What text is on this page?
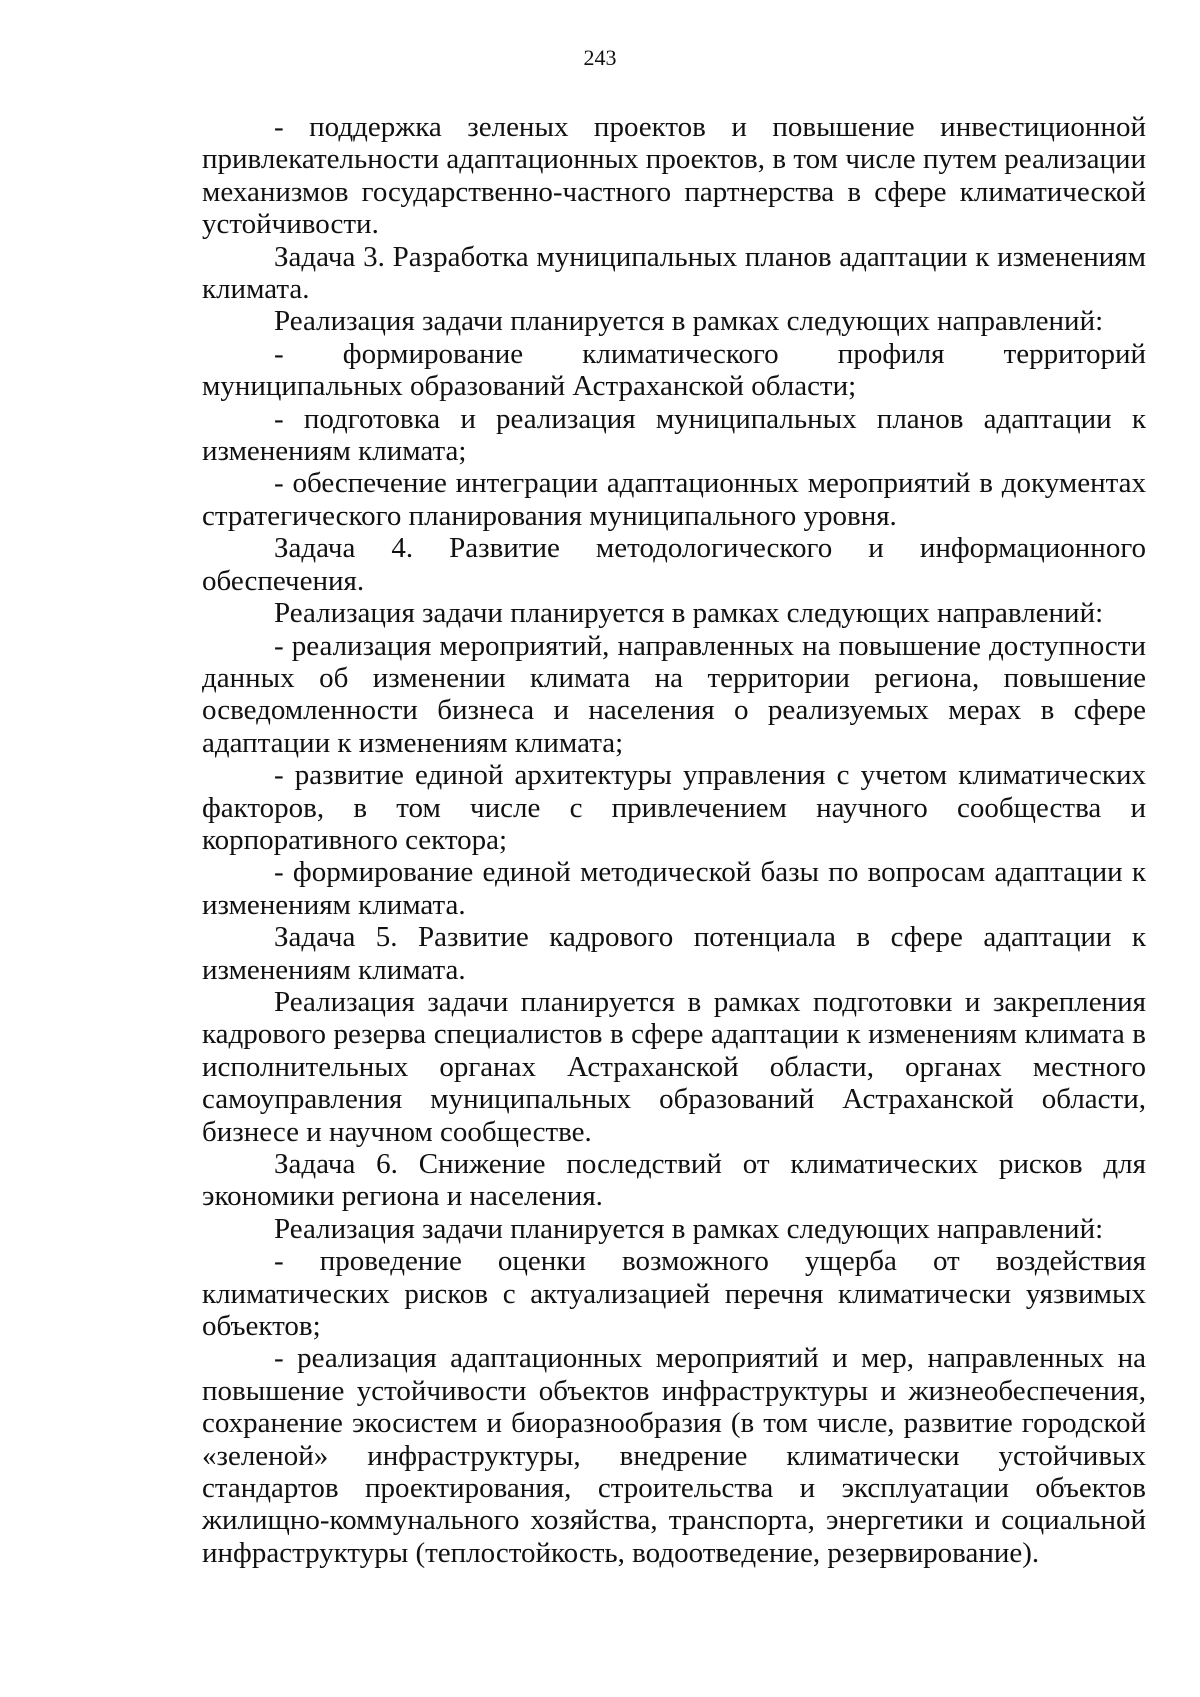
243

- поддержка зеленых проектов и повышение инвестиционной привлекательности адаптационных проектов, в том числе путем реализации механизмов государственно-частного партнерства в сфере климатической устойчивости.

Задача 3. Разработка муниципальных планов адаптации к изменениям климата.

Реализация задачи планируется в рамках следующих направлений:

- формирование климатического профиля территорий муниципальных образований Астраханской области;

- подготовка и реализация муниципальных планов адаптации к изменениям климата;

- обеспечение интеграции адаптационных мероприятий в документах стратегического планирования муниципального уровня.

Задача 4. Развитие методологического и информационного обеспечения.

Реализация задачи планируется в рамках следующих направлений:

- реализация мероприятий, направленных на повышение доступности данных об изменении климата на территории региона, повышение осведомленности бизнеса и населения о реализуемых мерах в сфере адаптации к изменениям климата;

- развитие единой архитектуры управления с учетом климатических факторов, в том числе с привлечением научного сообщества и корпоративного сектора;

- формирование единой методической базы по вопросам адаптации к изменениям климата.

Задача 5. Развитие кадрового потенциала в сфере адаптации к изменениям климата.

Реализация задачи планируется в рамках подготовки и закрепления кадрового резерва специалистов в сфере адаптации к изменениям климата в исполнительных органах Астраханской области, органах местного самоуправления муниципальных образований Астраханской области, бизнесе и научном сообществе.

Задача 6. Снижение последствий от климатических рисков для экономики региона и населения.

Реализация задачи планируется в рамках следующих направлений:

- проведение оценки возможного ущерба от воздействия климатических рисков с актуализацией перечня климатически уязвимых объектов;

- реализация адаптационных мероприятий и мер, направленных на повышение устойчивости объектов инфраструктуры и жизнеобеспечения, сохранение экосистем и биоразнообразия (в том числе, развитие городской «зеленой» инфраструктуры, внедрение климатически устойчивых стандартов проектирования, строительства и эксплуатации объектов жилищно-коммунального хозяйства, транспорта, энергетики и социальной инфраструктуры (теплостойкость, водоотведение, резервирование).
